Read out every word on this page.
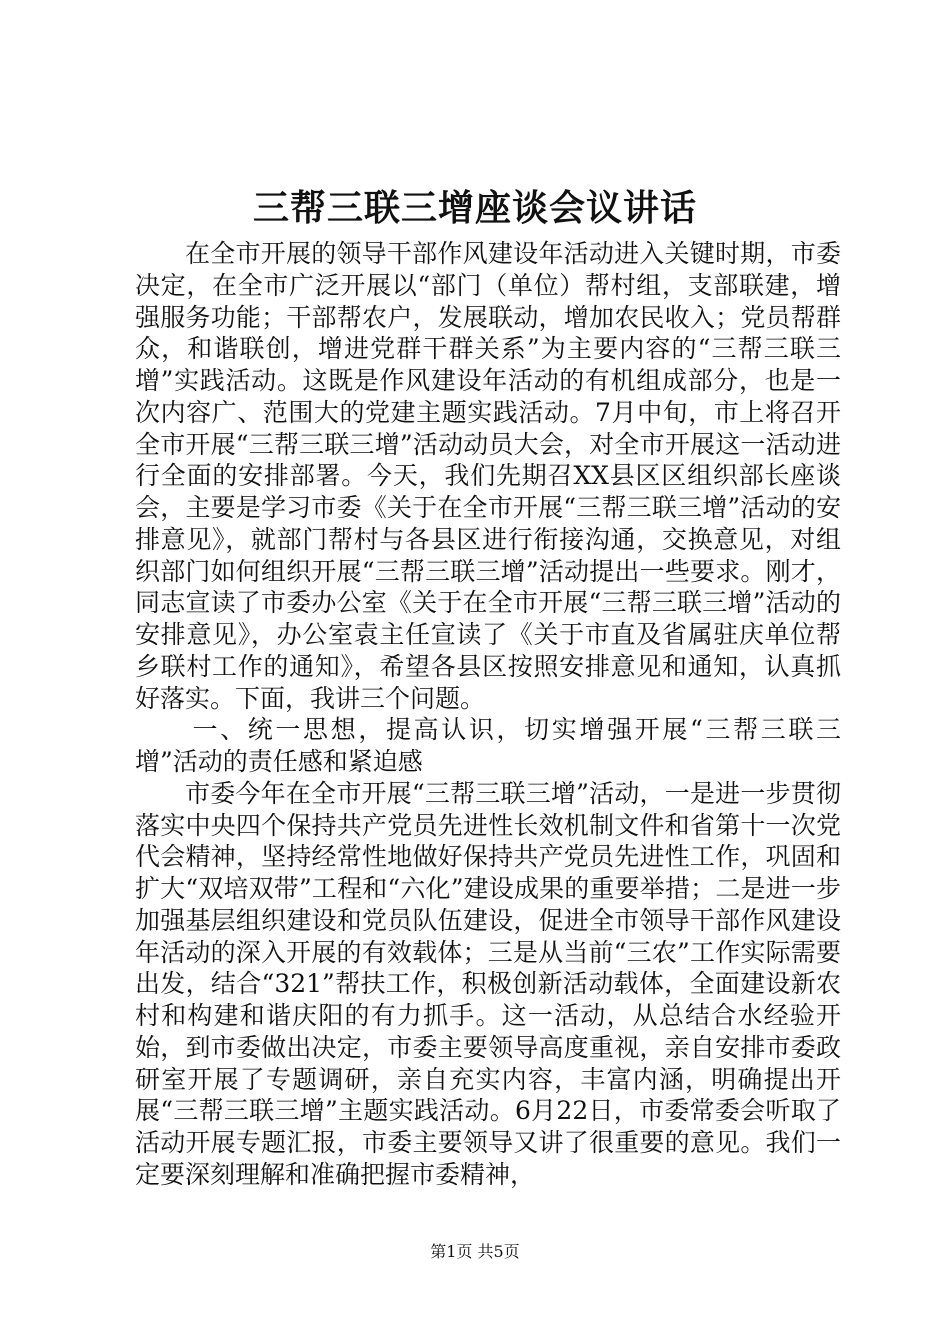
三帮三联三增座谈会议讲话

在全市开展的领导干部作风建设年活动进入关键时期，市委决定，在全市广泛开展以“部门（单位）帮村组，支部联建，增强服务功能；干部帮农户，发展联动，增加农民收入；党员帮群众，和谐联创，增进党群干群关系”为主要内容的“三帮三联三增”实践活动。这既是作风建设年活动的有机组成部分，也是一次内容广、范围大的党建主题实践活动。7月中旬，市上将召开全市开展“三帮三联三增”活动动员大会，对全市开展这一活动进行全面的安排部署。今天，我们先期召XX县区区组织部长座谈会，主要是学习市委《关于在全市开展“三帮三联三增”活动的安排意见》，就部门帮村与各县区进行衔接沟通，交换意见，对组织部门如何组织开展“三帮三联三增”活动提出一些要求。刚才，同志宣读了市委办公室《关于在全市开展“三帮三联三增”活动的安排意见》，办公室袁主任宣读了《关于市直及省属驻庆单位帮乡联村工作的通知》，希望各县区按照安排意见和通知，认真抓好落实。下面，我讲三个问题。

一、统一思想，提高认识，切实增强开展“三帮三联三增”活动的责任感和紧迫感

市委今年在全市开展“三帮三联三增”活动，一是进一步贯彻落实中央四个保持共产党员先进性长效机制文件和省第十一次党代会精神，坚持经常性地做好保持共产党员先进性工作，巩固和扩大“双培双带”工程和“六化”建设成果的重要举措；二是进一步加强基层组织建设和党员队伍建设，促进全市领导干部作风建设年活动的深入开展的有效载体；三是从当前“三农”工作实际需要出发，结合“321”帮扶工作，积极创新活动载体，全面建设新农村和构建和谐庆阳的有力抓手。这一活动，从总结合水经验开始，到市委做出决定，市委主要领导高度重视，亲自安排市委政研室开展了专题调研，亲自充实内容，丰富内涵，明确提出开展“三帮三联三增”主题实践活动。6月22日，市委常委会听取了活动开展专题汇报，市委主要领导又讲了很重要的意见。我们一定要深刻理解和准确把握市委精神，

第1页 共5页
